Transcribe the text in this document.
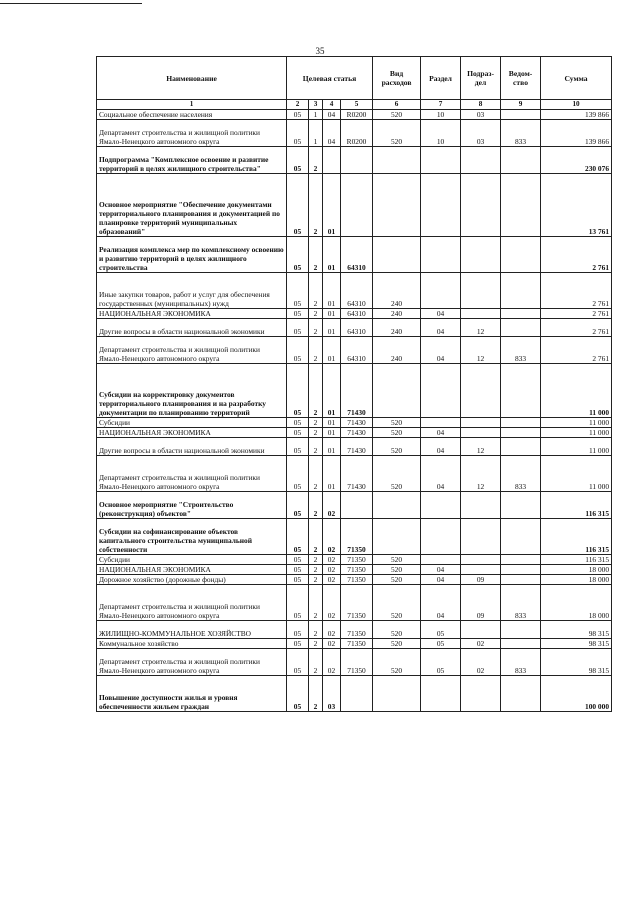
35
Наименование	Целевая статья				Вид расходов	Раздел	Подраз-дел	Ведом-ство	Сумма
1	2	3	4	5	6	7	8	9	10
Социальное обеспечение населения	05	1	04	R0200	520	10	03		139 866
Департамент строительства и жилищной политики Ямало-Ненецкого автономного округа	05	1	04	R0200	520	10	03	833	139 866
Подпрограмма "Комплексное освоение и развитие территорий в целях жилищного строительства"	05	2							230 076
Основное мероприятие "Обеспечение документами территориального планирования и документацией по планировке территорий муниципальных образований"	05	2	01						13 761
Реализация комплекса мер по комплексному освоению и развитию территорий в целях жилищного строительства	05	2	01	64310					2 761
Иные закупки товаров, работ и услуг для обеспечения государственных (муниципальных) нужд	05	2	01	64310	240				2 761
НАЦИОНАЛЬНАЯ ЭКОНОМИКА	05	2	01	64310	240	04			2 761
Другие вопросы в области национальной экономики	05	2	01	64310	240	04	12		2 761
Департамент строительства и жилищной политики Ямало-Ненецкого автономного округа	05	2	01	64310	240	04	12	833	2 761
Субсидии на корректировку документов территориального планирования и на разработку документации по планированию территорий	05	2	01	71430					11 000
Субсидии	05	2	01	71430	520				11 000
НАЦИОНАЛЬНАЯ ЭКОНОМИКА	05	2	01	71430	520	04			11 000
Другие вопросы в области национальной экономики	05	2	01	71430	520	04	12		11 000
Департамент строительства и жилищной политики Ямало-Ненецкого автономного округа	05	2	01	71430	520	04	12	833	11 000
Основное мероприятие "Строительство (реконструкция) объектов"	05	2	02						116 315
Субсидии на софинансирование объектов капитального строительства муниципальной собственности	05	2	02	71350					116 315
Субсидии	05	2	02	71350	520				116 315
НАЦИОНАЛЬНАЯ ЭКОНОМИКА	05	2	02	71350	520	04			18 000
Дорожное хозяйство (дорожные фонды)	05	2	02	71350	520	04	09		18 000
Департамент строительства и жилищной политики Ямало-Ненецкого автономного округа	05	2	02	71350	520	04	09	833	18 000
ЖИЛИЩНО-КОММУНАЛЬНОЕ ХОЗЯЙСТВО	05	2	02	71350	520	05			98 315
Коммунальное хозяйство	05	2	02	71350	520	05	02		98 315
Департамент строительства и жилищной политики Ямало-Ненецкого автономного округа	05	2	02	71350	520	05	02	833	98 315
Повышение доступности жилья и уровня обеспеченности жильем граждан	05	2	03						100 000
